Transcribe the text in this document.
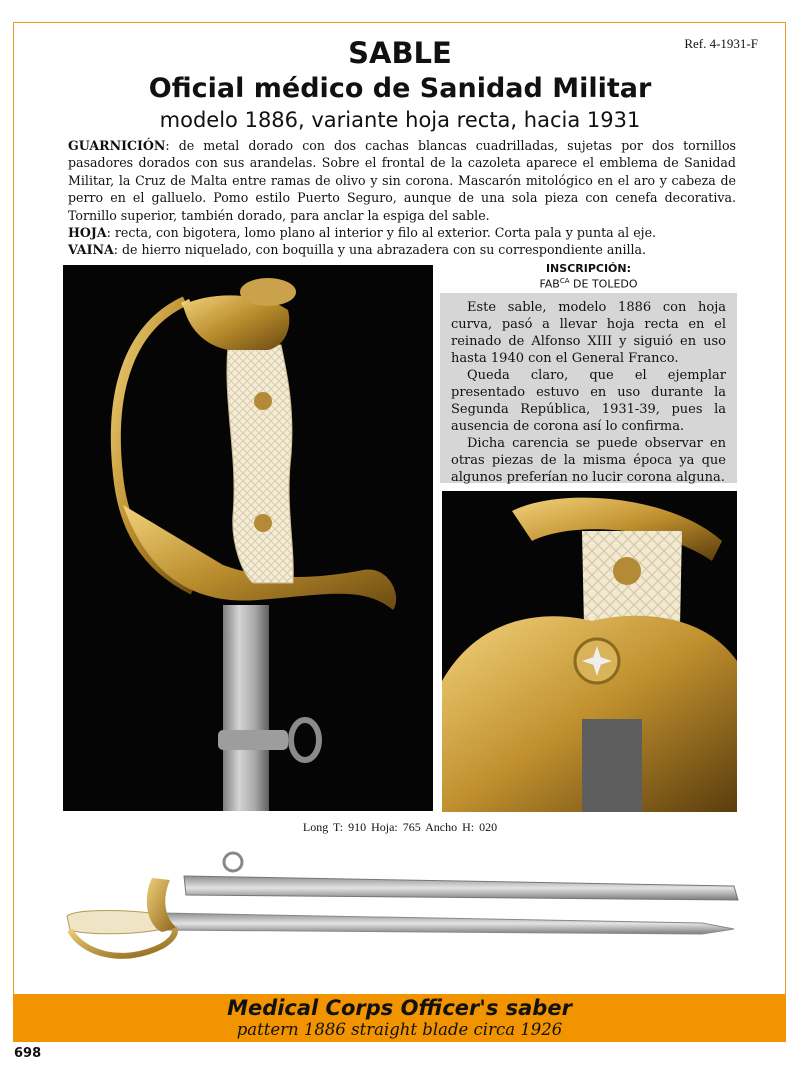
Ref. 4-1931-F
SABLE
Oficial médico de Sanidad Militar
modelo 1886, variante hoja recta, hacia 1931

GUARNICIÓN: de metal dorado con dos cachas blancas cuadrilladas, sujetas por dos tornillos pasadores dorados con sus arandelas. Sobre el frontal de la cazoleta aparece el emblema de Sanidad Militar, la Cruz de Malta entre ramas de olivo y sin corona. Mascarón mitológico en el aro y cabeza de perro en el galluelo. Pomo estilo Puerto Seguro, aunque de una sola pieza con cenefa decorativa. Tornillo superior, también dorado, para anclar la espiga del sable.

HOJA: recta, con bigotera, lomo plano al interior y filo al exterior. Corta pala y punta al eje.

VAINA: de hierro niquelado, con boquilla y una abrazadera con su correspondiente anilla.

INSCRIPCIÓN:
$FAB^{CA}$ DE TOLEDO

Este sable, modelo 1886 con hoja curva, pasó a llevar hoja recta en el reinado de Alfonso XIII y siguió en uso hasta 1940 con el General Franco.

Queda claro, que el ejemplar presentado estuvo en uso durante la Segunda República, 1931-39, pues la ausencia de corona así lo confirma.

Dicha carencia se puede observar en otras piezas de la misma época ya que algunos preferían no lucir corona alguna.

Long T: 910 Hoja: 765 Ancho H: 020
Medical Corps Officer's saber
pattern 1886 straight blade circa 1926
698
